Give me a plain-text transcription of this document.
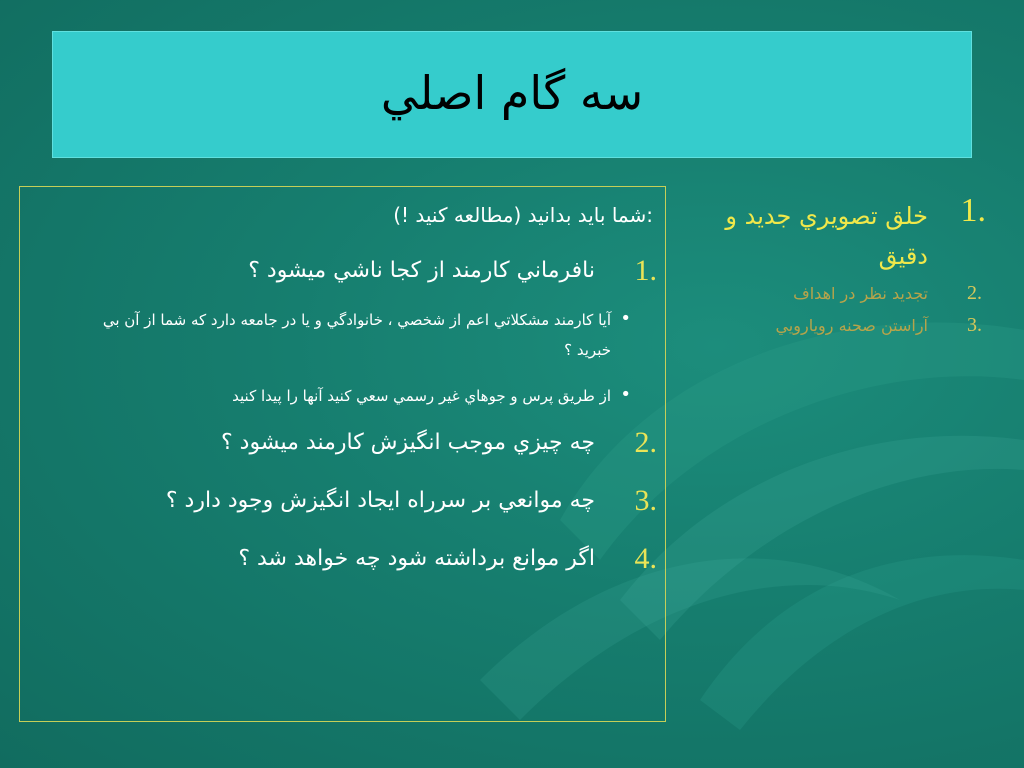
سه گام اصلي
1.
خلق تصويري جديد و دقيق
2.
تجديد نظر در اهداف
3.
آراستن صحنه رويارويي
شما بايد بدانيد (مطالعه كنيد !):
1.
نافرماني كارمند از كجا ناشي ميشود ؟
•
آيا كارمند مشكلاتي اعم از شخصي ، خانوادگي و يا در جامعه دارد كه شما از آن بي خبريد ؟
•
از طريق پرس و جوهاي غير رسمي سعي كنيد آنها را پيدا كنيد
2.
چه چيزي موجب انگيزش كارمند ميشود ؟
3.
چه موانعي بر سرراه ايجاد انگيزش وجود دارد ؟
4.
اگر موانع برداشته شود چه خواهد شد ؟
